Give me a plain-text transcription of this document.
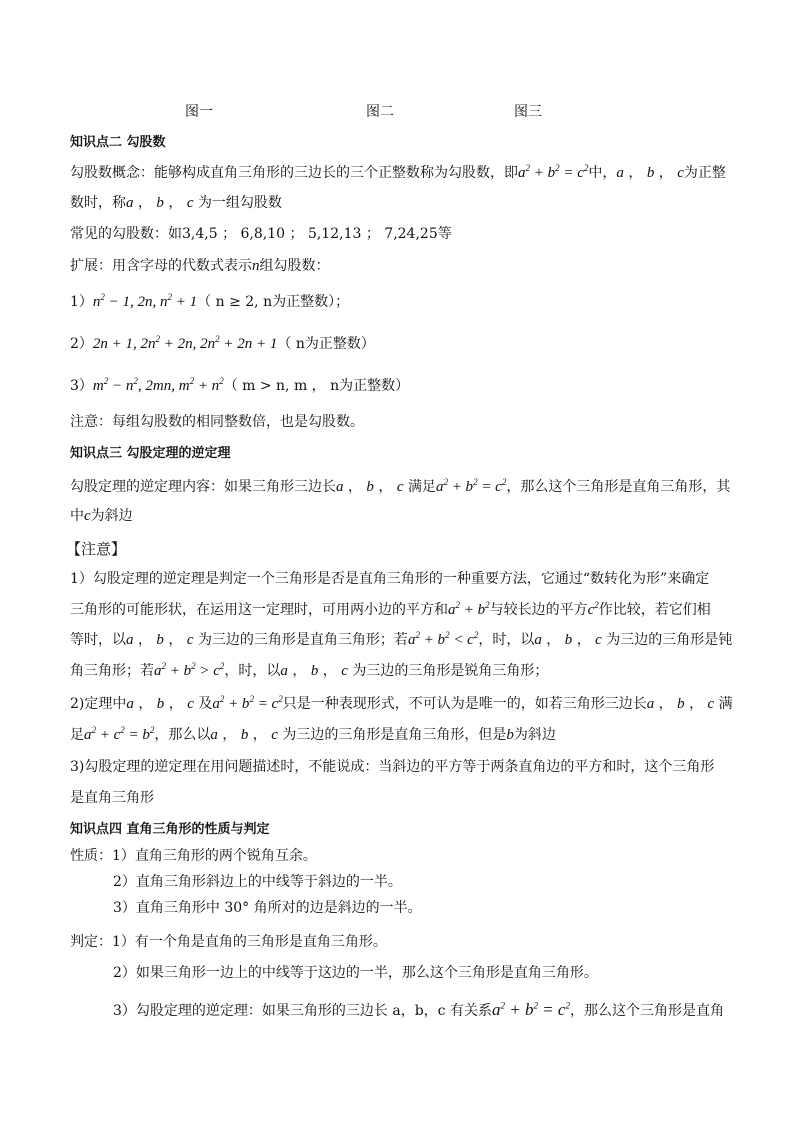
图一	图二	图三
知识点二 勾股数
勾股数概念：能够构成直角三角形的三边长的三个正整数称为勾股数，即$a^2 + b^2 = c^2$中，a ， b ， c为正整
数时，称a ， b ， c 为一组勾股数
常见的勾股数：如3,4,5 ； 6,8,10 ； 5,12,13 ； 7,24,25等
扩展：用含字母的代数式表示n组勾股数：
$1)n^2 - 1$, 2n, $n^2 + 1$（ n ≥ 2, n为正整数）；
2）2n + 1, $2n^2 + 2n$, $2n^2 + 2n + 1$（ n为正整数）
$3)m^2 - n^2$, 2mn, $m^2 + n^2$（ m > n, m ， n为正整数）
注意：每组勾股数的相同整数倍，也是勾股数。
知识点三 勾股定理的逆定理
勾股定理的逆定理内容：如果三角形三边长a ， b ， c 满足$a^2 + b^2 = c^2$，那么这个三角形是直角三角形，其
中c为斜边
【注意】
1）勾股定理的逆定理是判定一个三角形是否是直角三角形的一种重要方法，它通过“数转化为形”来确定
三角形的可能形状，在运用这一定理时，可用两小边的平方和$a^2 + b^2$与较长边的平方$c^2$作比较，若它们相
等时，以a ， b ， c 为三边的三角形是直角三角形；若$a^2 + b^2 < c^2$，时，以a ， b ， c 为三边的三角形是钝
角三角形；若$a^2 + b^2 > c^2$，时，以a ， b ， c 为三边的三角形是锐角三角形；
2)定理中a ， b ， c 及$a^2 + b^2 = c^2$只是一种表现形式，不可认为是唯一的，如若三角形三边长a ， b ， c 满
足$a^2 + c^2 = b^2$，那么以a ， b ， c 为三边的三角形是直角三角形，但是b为斜边
3)勾股定理的逆定理在用问题描述时，不能说成：当斜边的平方等于两条直角边的平方和时，这个三角形
是直角三角形
知识点四 直角三角形的性质与判定
性质：1）直角三角形的两个锐角互余。
2）直角三角形斜边上的中线等于斜边的一半。
3）直角三角形中 30° 角所对的边是斜边的一半。
判定：1）有一个角是直角的三角形是直角三角形。
2）如果三角形一边上的中线等于这边的一半，那么这个三角形是直角三角形。
3）勾股定理的逆定理：如果三角形的三边长 a，b，c 有关系$a^2 + b^2 = c^2$，那么这个三角形是直角
